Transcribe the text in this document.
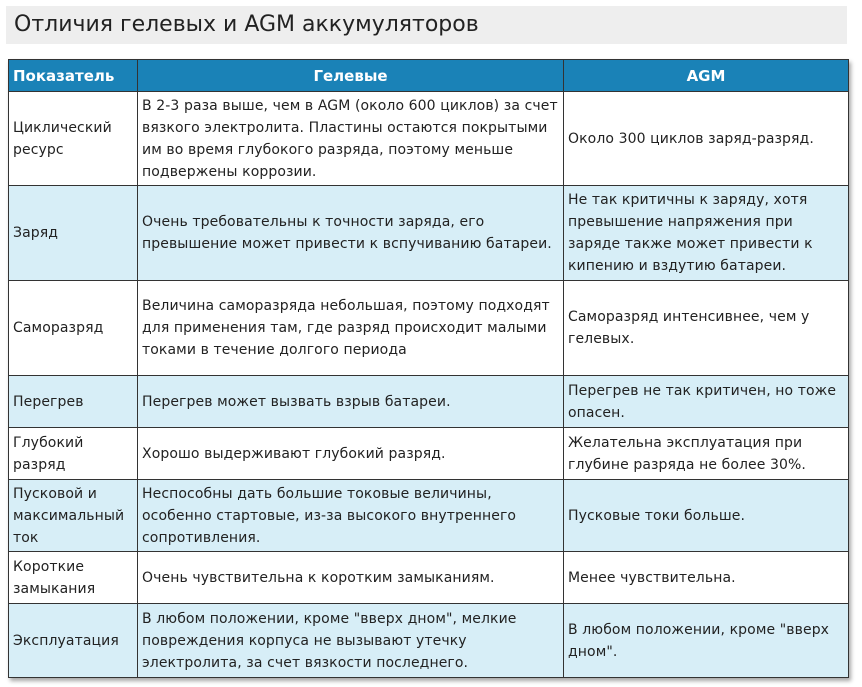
Отличия гелевых и AGM аккумуляторов
Показатель	Гелевые	AGM
Циклический ресурс	В 2-3 раза выше, чем в AGM (около 600 циклов) за счет вязкого электролита. Пластины остаются покрытыми им во время глубокого разряда, поэтому меньше подвержены коррозии.	Около 300 циклов заряд-разряд.
Заряд	Очень требовательны к точности заряда, его превышение может привести к вспучиванию батареи.	Не так критичны к заряду, хотя превышение напряжения при заряде также может привести к кипению и вздутию батареи.
Саморазряд	Величина саморазряда небольшая, поэтому подходят для применения там, где разряд происходит малыми токами в течение долгого периода	Саморазряд интенсивнее, чем у гелевых.
Перегрев	Перегрев может вызвать взрыв батареи.	Перегрев не так критичен, но тоже опасен.
Глубокий разряд	Хорошо выдерживают глубокий разряд.	Желательна эксплуатация при глубине разряда не более 30%.
Пусковой и максимальный ток	Неспособны дать большие токовые величины, особенно стартовые, из-за высокого внутреннего сопротивления.	Пусковые токи больше.
Короткие замыкания	Очень чувствительна к коротким замыканиям.	Менее чувствительна.
Эксплуатация	В любом положении, кроме "вверх дном", мелкие повреждения корпуса не вызывают утечку электролита, за счет вязкости последнего.	В любом положении, кроме "вверх дном".
